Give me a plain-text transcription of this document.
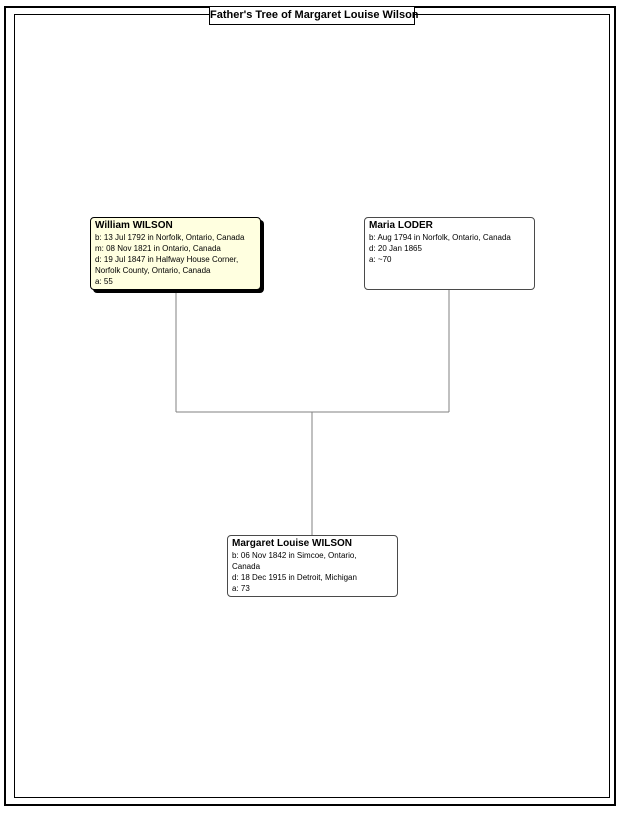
Father's Tree of Margaret Louise Wilson
William WILSON
b: 13 Jul 1792 in Norfolk, Ontario, Canada
m: 08 Nov 1821 in Ontario, Canada
d: 19 Jul 1847 in Halfway House Corner,
Norfolk County, Ontario, Canada
a: 55
Maria LODER
b: Aug 1794 in Norfolk, Ontario, Canada
d: 20 Jan 1865
a: ~70
Margaret Louise WILSON
b: 06 Nov 1842 in Simcoe, Ontario,
Canada
d: 18 Dec 1915 in Detroit, Michigan
a: 73
